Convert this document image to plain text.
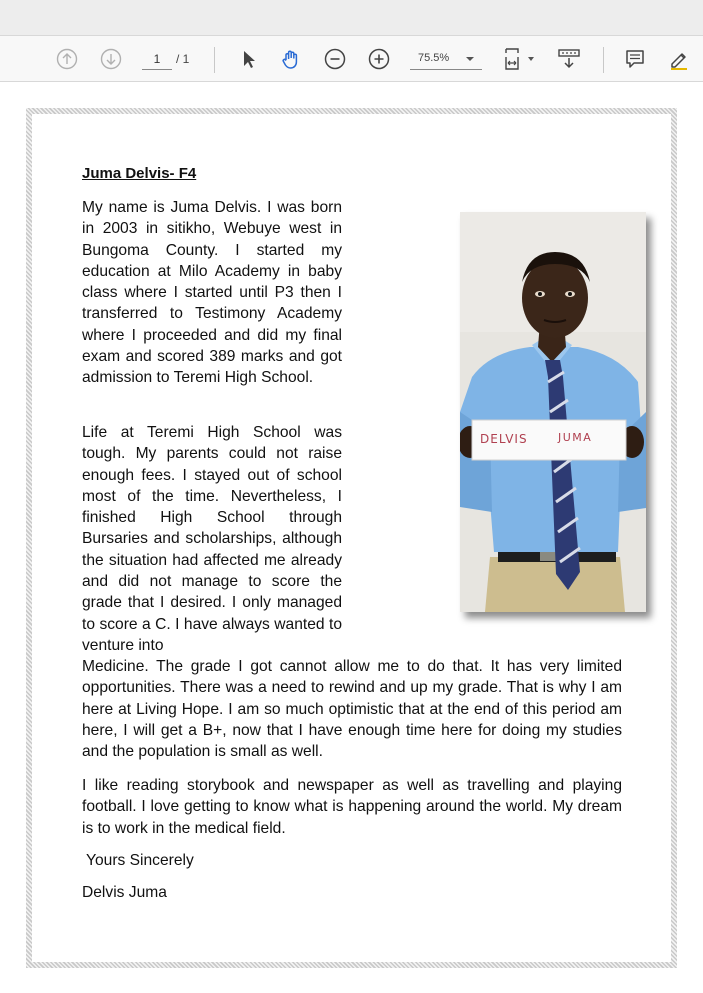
1
/ 1	75.5%
Juma Delvis- F4
My name is Juma Delvis. I was born in 2003 in sitikho, Webuye west in Bungoma County. I started my education at Milo Academy in baby class where I started until P3 then I transferred to Testimony Academy where I proceeded and did my final exam and scored 389 marks and got admission to Teremi High School.
Life at Teremi High School was tough. My parents could not raise enough fees. I stayed out of school most of the time. Nevertheless, I finished High School through Bursaries and scholarships, although the situation had affected me already and did not manage to score the grade that I desired. I only managed to score a C. I have always wanted to venture into
Medicine. The grade I got cannot allow me to do that. It has very limited opportunities. There was a need to rewind and up my grade. That is why I am here at Living Hope. I am so much optimistic that at the end of this period am here, I will get a B+, now that I have enough time here for doing my studies and the population is small as well.
I like reading storybook and newspaper as well as travelling and playing football. I love getting to know what is happening around the world. My dream is to work in the medical field.
Yours Sincerely
Delvis Juma
DELVIS	JUMA
